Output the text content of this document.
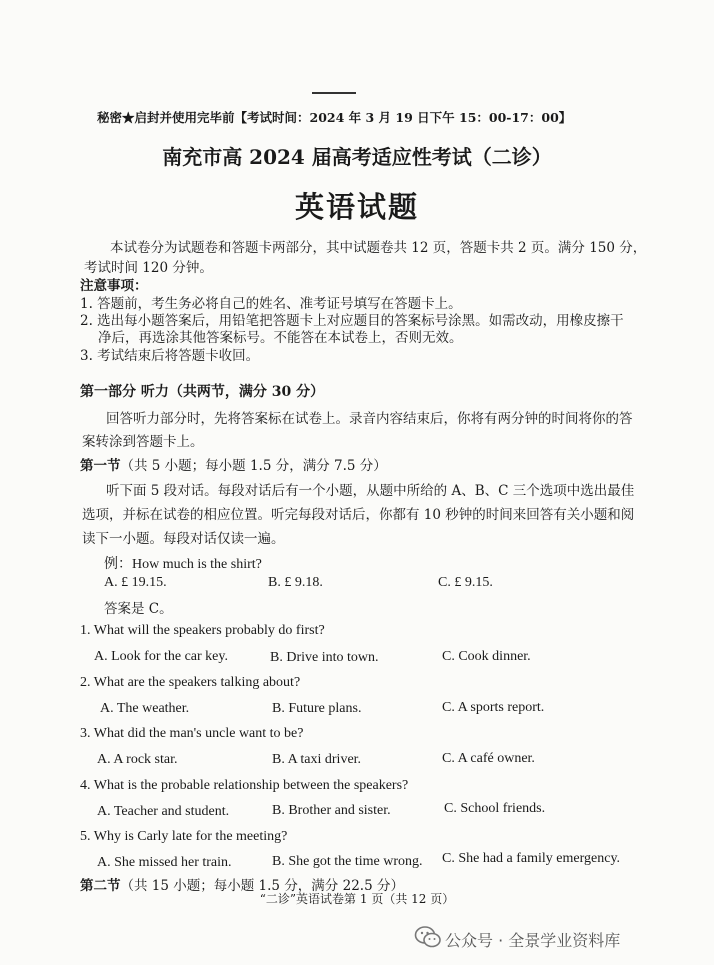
秘密★启封并使用完毕前【考试时间：2024 年 3 月 19 日下午 15：00-17：00】
南充市高 2024 届高考适应性考试（二诊）
英语试题
本试卷分为试题卷和答题卡两部分，其中试题卷共 12 页，答题卡共 2 页。满分 150 分，
考试时间 120 分钟。
注意事项：
1. 答题前，考生务必将自己的姓名、准考证号填写在答题卡上。
2. 选出每小题答案后，用铅笔把答题卡上对应题目的答案标号涂黑。如需改动，用橡皮擦干
净后，再选涂其他答案标号。不能答在本试卷上，否则无效。
3. 考试结束后将答题卡收回。
第一部分 听力（共两节，满分 30 分）
回答听力部分时，先将答案标在试卷上。录音内容结束后，你将有两分钟的时间将你的答
案转涂到答题卡上。
第一节（共 5 小题；每小题 1.5 分，满分 7.5 分）
听下面 5 段对话。每段对话后有一个小题，从题中所给的 A、B、C 三个选项中选出最佳
选项，并标在试卷的相应位置。听完每段对话后，你都有 10 秒钟的时间来回答有关小题和阅
读下一小题。每段对话仅读一遍。
例：How much is the shirt?
A. £ 19.15.	B. £ 9.18.	C. £ 9.15.
答案是 C。
1. What will the speakers probably do first?
A. Look for the car key.	B. Drive into town.	C. Cook dinner.
2. What are the speakers talking about?
A. The weather.	B. Future plans.	C. A sports report.
3. What did the man's uncle want to be?
A. A rock star.	B. A taxi driver.	C. A café owner.
4. What is the probable relationship between the speakers?
A. Teacher and student.	B. Brother and sister.	C. School friends.
5. Why is Carly late for the meeting?
A. She missed her train.	B. She got the time wrong. C. She had a family emergency.
第二节（共 15 小题；每小题 1.5 分，满分 22.5 分）
“二诊”英语试卷第 1 页（共 12 页）
公众号 · 全景学业资料库
